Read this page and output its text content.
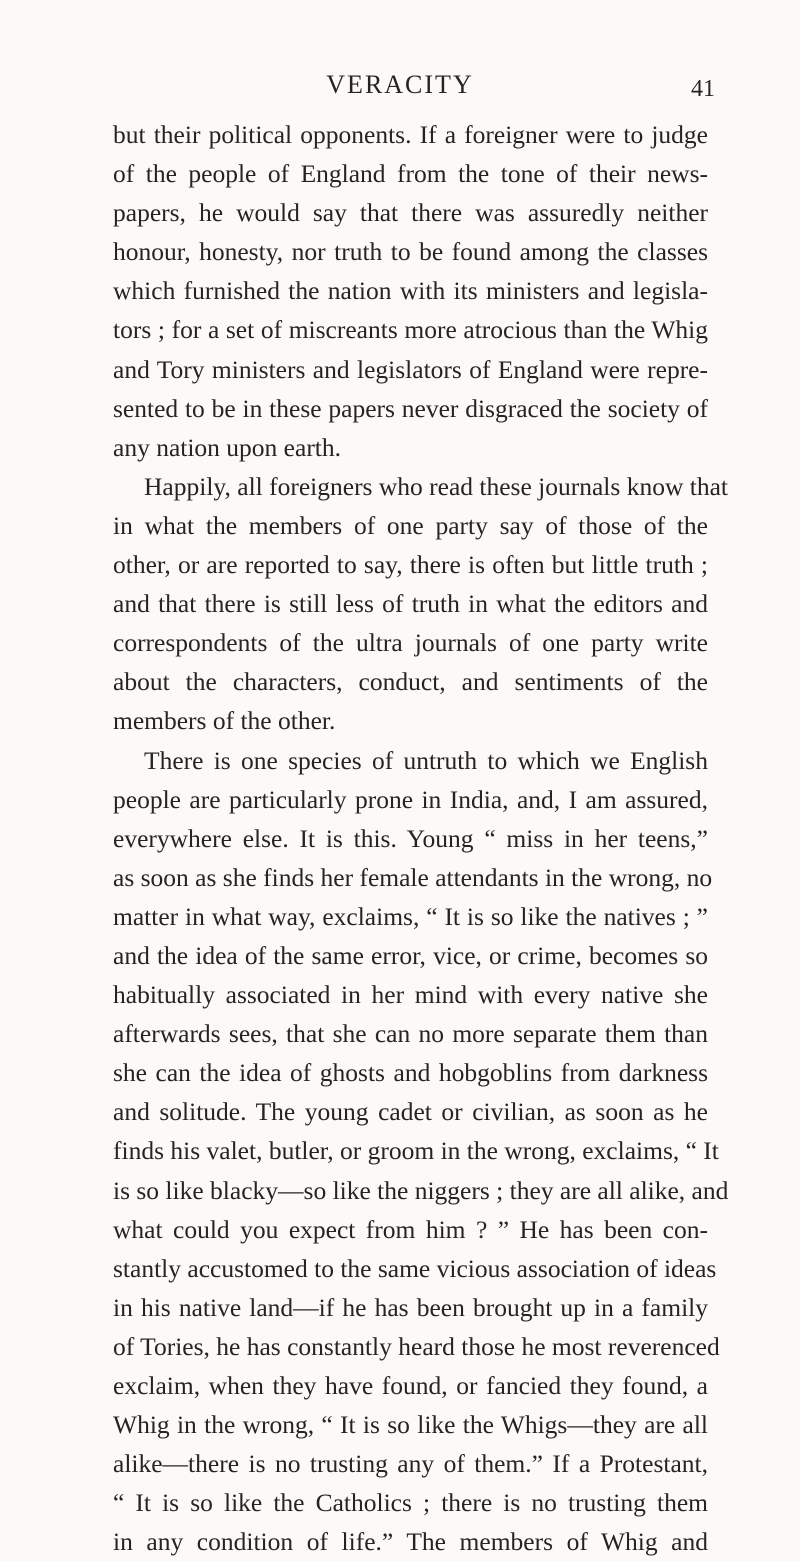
VERACITY	41
but their political opponents. If a foreigner were to judge
of the people of England from the tone of their news-
papers, he would say that there was assuredly neither
honour, honesty, nor truth to be found among the classes
which furnished the nation with its ministers and legisla-
tors ; for a set of miscreants more atrocious than the Whig
and Tory ministers and legislators of England were repre-
sented to be in these papers never disgraced the society of
any nation upon earth.
Happily, all foreigners who read these journals know that
in what the members of one party say of those of the
other, or are reported to say, there is often but little truth ;
and that there is still less of truth in what the editors and
correspondents of the ultra journals of one party write
about the characters, conduct, and sentiments of the
members of the other.
There is one species of untruth to which we English
people are particularly prone in India, and, I am assured,
everywhere else. It is this. Young “ miss in her teens,”
as soon as she finds her female attendants in the wrong, no
matter in what way, exclaims, “ It is so like the natives ; ”
and the idea of the same error, vice, or crime, becomes so
habitually associated in her mind with every native she
afterwards sees, that she can no more separate them than
she can the idea of ghosts and hobgoblins from darkness
and solitude. The young cadet or civilian, as soon as he
finds his valet, butler, or groom in the wrong, exclaims, “ It
is so like blacky—so like the niggers ; they are all alike, and
what could you expect from him ? ” He has been con-
stantly accustomed to the same vicious association of ideas
in his native land—if he has been brought up in a family
of Tories, he has constantly heard those he most reverenced
exclaim, when they have found, or fancied they found, a
Whig in the wrong, “ It is so like the Whigs—they are all
alike—there is no trusting any of them.” If a Protestant,
“ It is so like the Catholics ; there is no trusting them
in any condition of life.” The members of Whig and
